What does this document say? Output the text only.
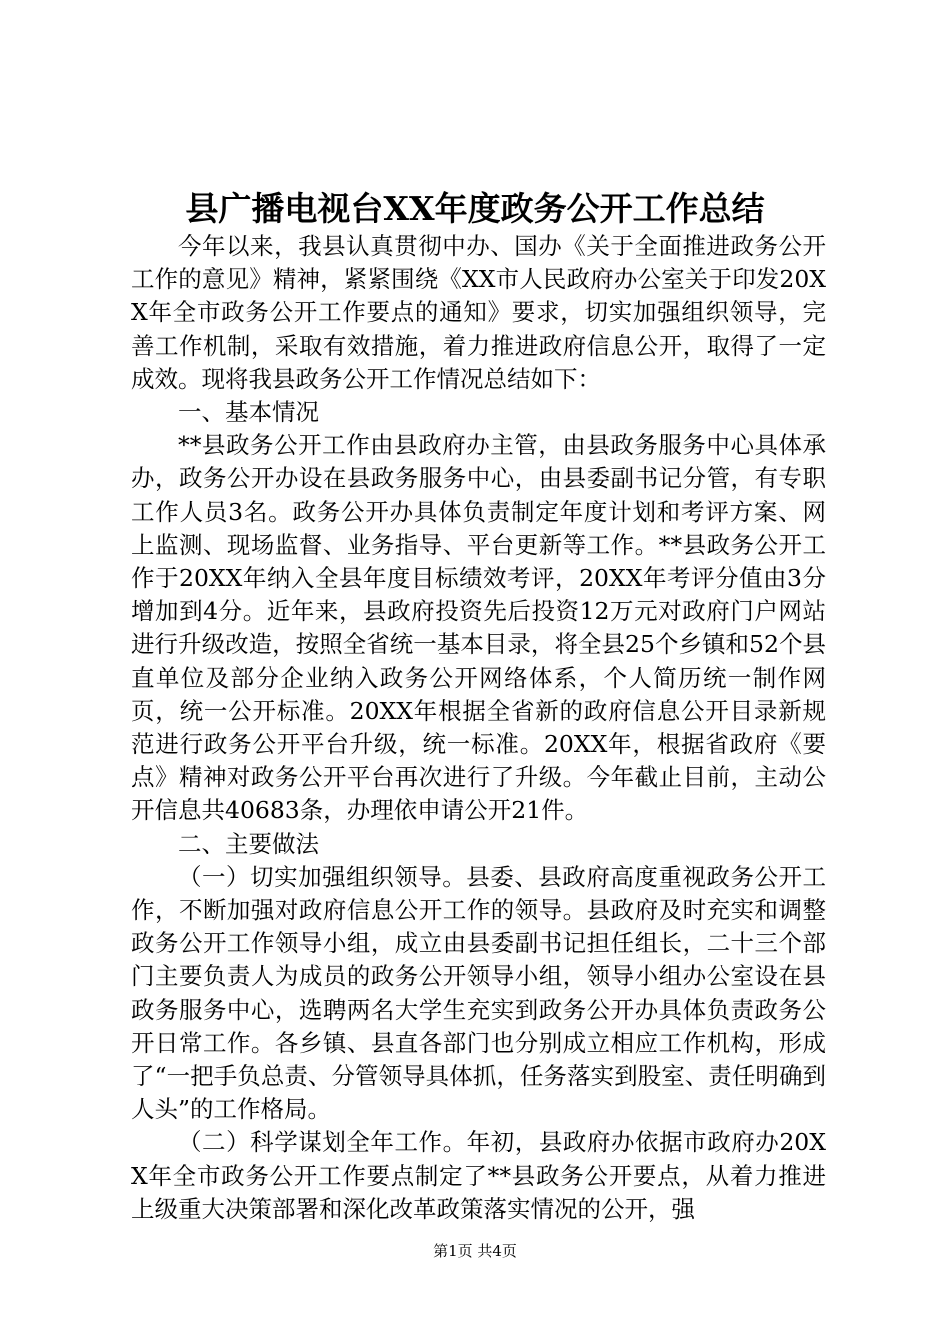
县广播电视台XX年度政务公开工作总结

今年以来，我县认真贯彻中办、国办《关于全面推进政务公开工作的意见》精神，紧紧围绕《XX市人民政府办公室关于印发20XX年全市政务公开工作要点的通知》要求，切实加强组织领导，完善工作机制，采取有效措施，着力推进政府信息公开，取得了一定成效。现将我县政务公开工作情况总结如下：

一、基本情况

**县政务公开工作由县政府办主管，由县政务服务中心具体承办，政务公开办设在县政务服务中心，由县委副书记分管，有专职工作人员3名。政务公开办具体负责制定年度计划和考评方案、网上监测、现场监督、业务指导、平台更新等工作。**县政务公开工作于20XX年纳入全县年度目标绩效考评，20XX年考评分值由3分增加到4分。近年来，县政府投资先后投资12万元对政府门户网站进行升级改造，按照全省统一基本目录，将全县25个乡镇和52个县直单位及部分企业纳入政务公开网络体系，个人简历统一制作网页，统一公开标准。20XX年根据全省新的政府信息公开目录新规范进行政务公开平台升级，统一标准。20XX年，根据省政府《要点》精神对政务公开平台再次进行了升级。今年截止目前，主动公开信息共40683条，办理依申请公开21件。

二、主要做法

（一）切实加强组织领导。县委、县政府高度重视政务公开工作，不断加强对政府信息公开工作的领导。县政府及时充实和调整政务公开工作领导小组，成立由县委副书记担任组长，二十三个部门主要负责人为成员的政务公开领导小组，领导小组办公室设在县政务服务中心，选聘两名大学生充实到政务公开办具体负责政务公开日常工作。各乡镇、县直各部门也分别成立相应工作机构，形成了“一把手负总责、分管领导具体抓，任务落实到股室、责任明确到人头”的工作格局。

（二）科学谋划全年工作。年初，县政府办依据市政府办20XX年全市政务公开工作要点制定了**县政务公开要点，从着力推进上级重大决策部署和深化改革政策落实情况的公开，强

第1页 共4页
